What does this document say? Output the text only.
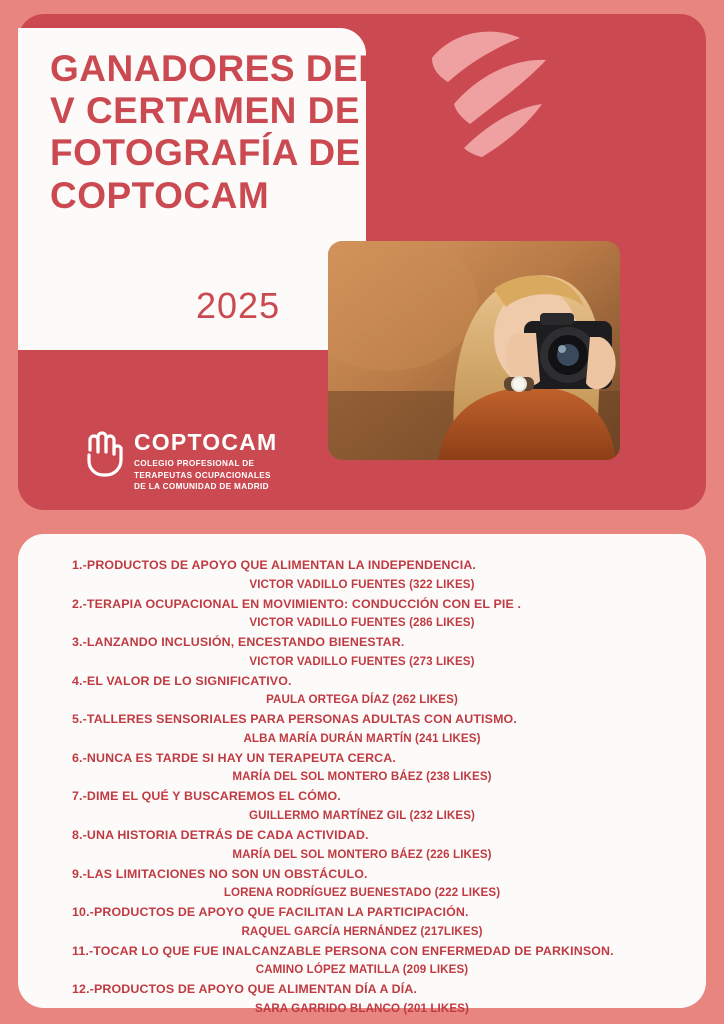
COPTOCAM
COLEGIO PROFESIONAL DE
TERAPEUTAS OCUPACIONALES
DE LA COMUNIDAD DE MADRID
GANADORES DEL
V CERTAMEN DE
FOTOGRAFÍA DE
COPTOCAM
2025
1.-PRODUCTOS DE APOYO QUE ALIMENTAN LA INDEPENDENCIA.
VICTOR VADILLO FUENTES (322 LIKES)
2.-TERAPIA OCUPACIONAL EN MOVIMIENTO: CONDUCCIÓN CON EL PIE .
VICTOR VADILLO FUENTES (286 LIKES)
3.-LANZANDO INCLUSIÓN, ENCESTANDO BIENESTAR.
VICTOR VADILLO FUENTES (273 LIKES)
4.-EL VALOR DE LO SIGNIFICATIVO.
PAULA ORTEGA DÍAZ (262 LIKES)
5.-TALLERES SENSORIALES PARA PERSONAS ADULTAS CON AUTISMO.
ALBA MARÍA DURÁN MARTÍN (241 LIKES)
6.-NUNCA ES TARDE SI HAY UN TERAPEUTA CERCA.
MARÍA DEL SOL MONTERO BÁEZ (238 LIKES)
7.-DIME EL QUÉ Y BUSCAREMOS EL CÓMO.
GUILLERMO MARTÍNEZ GIL (232 LIKES)
8.-UNA HISTORIA DETRÁS DE CADA ACTIVIDAD.
MARÍA DEL SOL MONTERO BÁEZ (226 LIKES)
9.-LAS LIMITACIONES NO SON UN OBSTÁCULO.
LORENA RODRÍGUEZ BUENESTADO (222 LIKES)
10.-PRODUCTOS DE APOYO QUE FACILITAN LA PARTICIPACIÓN.
RAQUEL GARCÍA HERNÁNDEZ (217LIKES)
11.-TOCAR LO QUE FUE INALCANZABLE PERSONA CON ENFERMEDAD DE PARKINSON.
CAMINO LÓPEZ MATILLA (209 LIKES)
12.-PRODUCTOS DE APOYO QUE ALIMENTAN DÍA A DÍA.
SARA GARRIDO BLANCO (201 LIKES)
